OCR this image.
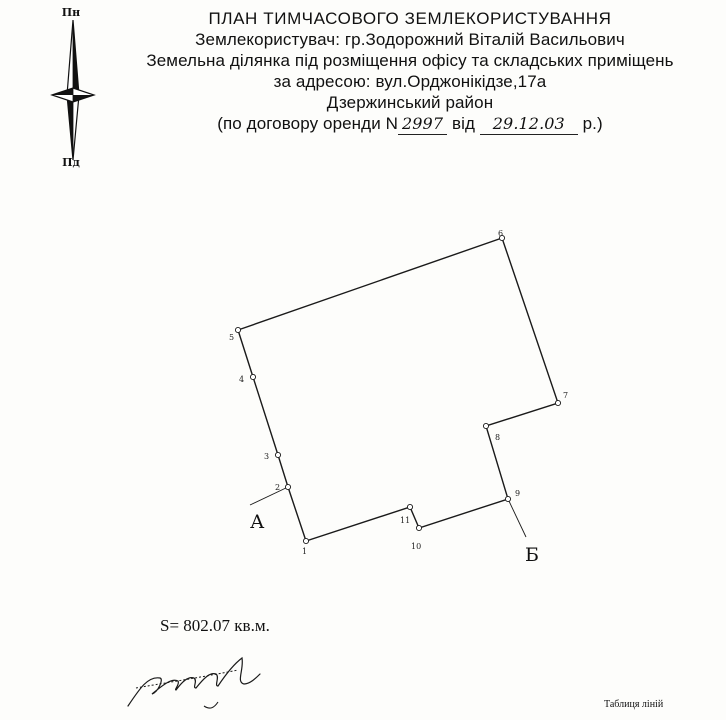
Пн
Пд
ПЛАН ТИМЧАСОВОГО ЗЕМЛЕКОРИСТУВАННЯ
Землекористувач: гр.Зодорожний Віталій Васильович
Земельна ділянка під розміщення офісу та складських приміщень
за адресою: вул.Орджонікідзе,17а
Дзержинський район
(по договору оренди N 2997 від 29.12.03 р.)
1
2
3
4
5
6
7
8
9
10
11
А
Б
S= 802.07 кв.м.
Таблиця ліній
